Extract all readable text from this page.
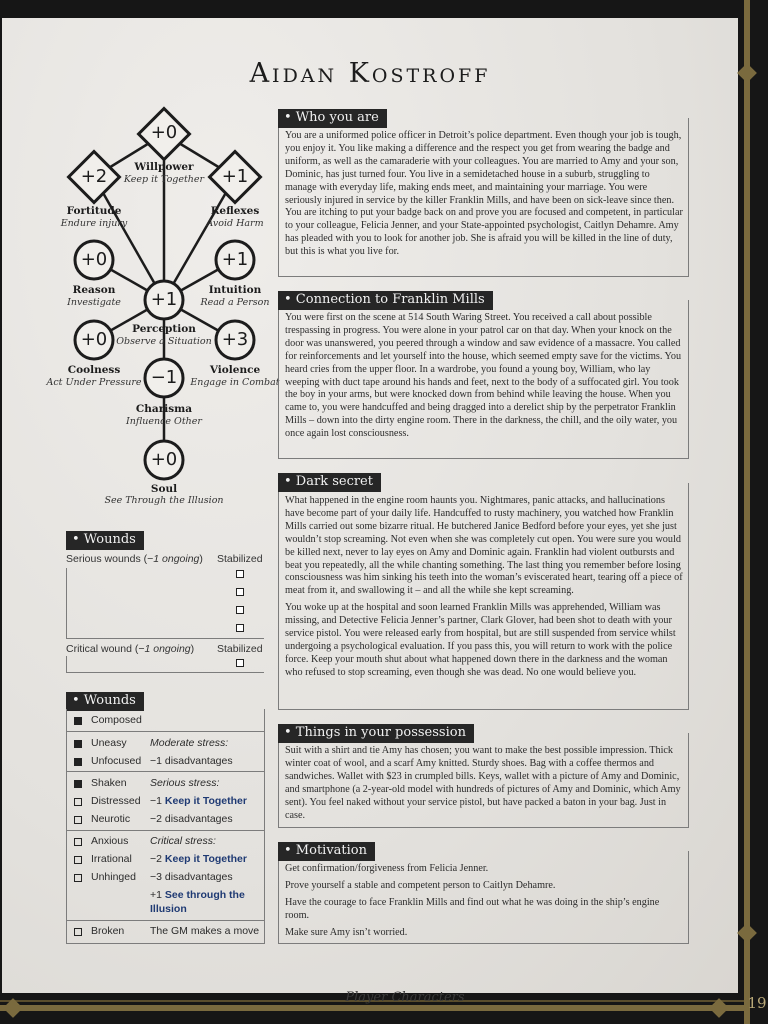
Player Characters	19
Aidan Kostroff
+0
Willpower
Keep it Together
+2
Fortitude
Endure injury
+1
Reflexes
Avoid Harm
+0
Reason
Investigate
+1
Intuition
Read a Person
+1
Perception
Observe a Situation
+0
Coolness
Act Under Pressure
+3
Violence
Engage in Combat
−1
Charisma
Influence Other
+0
Soul
See Through the Illusion
• Wounds
Serious wounds (−1 ongoing) Stabilized
Critical wound (−1 ongoing) Stabilized
• Wounds
Composed
Uneasy Moderate stress:
Unfocused −1 disadvantages
Shaken Serious stress:
Distressed −1 Keep it Together
Neurotic −2 disadvantages
Anxious Critical stress:
Irrational −2 Keep it Together
Unhinged −3 disadvantages
+1 See through the
Illusion
Broken The GM makes a move
You are a uniformed police officer in Detroit’s police department. Even though your job is tough, you enjoy it. You like making a difference and the respect you get from wearing the badge and uniform, as well as the camaraderie with your colleagues. You are married to Amy and your son, Dominic, has just turned four. You live in a semidetached house in a suburb, struggling to manage with everyday life, making ends meet, and maintaining your marriage. You were seriously injured in service by the killer Franklin Mills, and have been on sick-leave since then. You are itching to put your badge back on and prove you are focused and competent, in particular to your colleague, Felicia Jenner, and your State-appointed psychologist, Caitlyn Dehamre. Amy has pleaded with you to look for another job. She is afraid you will be killed in the line of duty, but this is what you live for.
• Who you are
You were first on the scene at 514 South Waring Street. You received a call about possible trespassing in progress. You were alone in your patrol car on that day. When your knock on the door was unanswered, you peered through a window and saw evidence of a massacre. You called for reinforcements and let yourself into the house, which seemed empty save for the victims. You heard cries from the upper floor. In a wardrobe, you found a young boy, William, who lay weeping with duct tape around his hands and feet, next to the body of a suffocated girl. You took the boy in your arms, but were knocked down from behind while leaving the house. When you came to, you were handcuffed and being dragged into a derelict ship by the perpetrator Franklin Mills – down into the dirty engine room. There in the darkness, the chill, and the oily water, you once again lost consciousness.
• Connection to Franklin Mills

What happened in the engine room haunts you. Nightmares, panic attacks, and hallucinations have become part of your daily life. Handcuffed to rusty machinery, you watched how Franklin Mills carried out some bizarre ritual. He butchered Janice Bedford before your eyes, yet she just wouldn’t stop screaming. Not even when she was completely cut open. You were sure you would be killed next, never to lay eyes on Amy and Dominic again. Franklin had violent outbursts and beat you repeatedly, all the while chanting something. The last thing you remember before losing consciousness was him sinking his teeth into the woman’s eviscerated heart, tearing off a piece of meat from it, and swallowing it – and all the while she kept screaming.

You woke up at the hospital and soon learned Franklin Mills was apprehended, William was missing, and Detective Felicia Jenner’s partner, Clark Glover, had been shot to death with your service pistol. You were released early from hospital, but are still suspended from service whilst undergoing a psychological evaluation. If you pass this, you will return to work with the police force. Keep your mouth shut about what happened down there in the darkness and the woman who refused to stop screaming, even though she was dead. No one would believe you.

• Dark secret
Suit with a shirt and tie Amy has chosen; you want to make the best possible impression. Thick winter coat of wool, and a scarf Amy knitted. Sturdy shoes. Bag with a coffee thermos and sandwiches. Wallet with $23 in crumpled bills. Keys, wallet with a picture of Amy and Dominic, and smartphone (a 2-year-old model with hundreds of pictures of Amy and Dominic, which Amy sent). You feel naked without your service pistol, but have packed a baton in your bag. Just in case.
• Things in your possession

Get confirmation/forgiveness from Felicia Jenner.

Prove yourself a stable and competent person to Caitlyn Dehamre.

Have the courage to face Franklin Mills and find out what he was doing in the ship’s engine room.

Make sure Amy isn’t worried.

• Motivation
